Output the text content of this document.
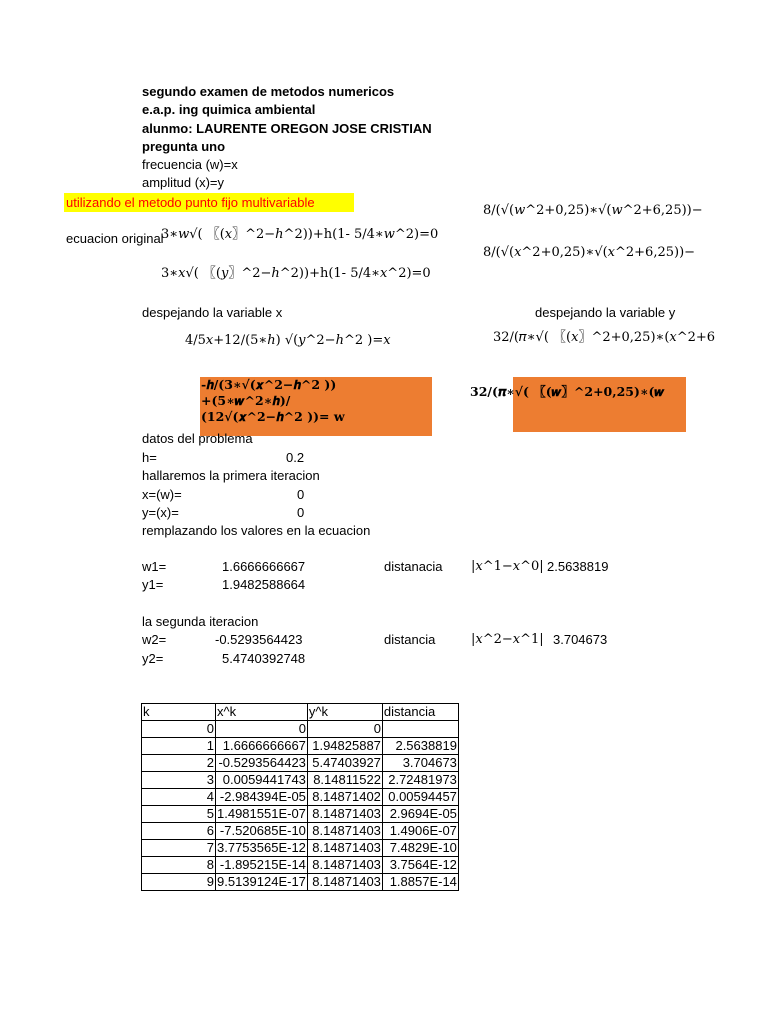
segundo examen de metodos numericos
e.a.p. ing quimica ambiental
alunmo: LAURENTE OREGON JOSE CRISTIAN
pregunta uno
frecuencia (w)=x
amplitud (x)=y
utilizando el metodo punto fijo multivariable
ecuacion original
3∗𝑤√( 〖(𝑥〗^2−ℎ^2))+h(1- 5/4∗𝑤^2)=0
3∗𝑥√( 〖(𝑦〗^2−ℎ^2))+h(1- 5/4∗𝑥^2)=0
8/(√(𝑤^2+0,25)∗√(𝑤^2+6,25))−
8/(√(𝑥^2+0,25)∗√(𝑥^2+6,25))−
despejando la variable x	despejando la variable y
4/5𝑥+12/(5∗ℎ) √(𝑦^2−ℎ^2 )=𝑥	32/(𝜋∗√( 〖(𝑥〗^2+0,25)∗(𝑥^2+6
-𝒉/(𝟑∗√(𝒙^𝟐−𝒉^𝟐 ))
+(𝟓∗𝒘^𝟐∗𝒉)/
(𝟏𝟐√(𝒙^𝟐−𝒉^𝟐 ))= 𝐰
32/(𝝅∗√( 〖(𝒘〗^𝟐+0,25)∗(𝒘
datos del problema
h=	0.2
hallaremos la primera iteracion
x=(w)=	0
y=(x)=	0
remplazando los valores en la ecuacion
w1=	1.6666666667
y1=	1.9482588664
distanacia |𝑥^1−𝑥^0| 2.5638819
la segunda iteracion
w2=	-0.5293564423
y2=	5.4740392748
distancia	|𝑥^2−𝑥^1| 3.704673
k	x^k	y^k	distancia
0	0	0	
1	1.6666666667	1.94825887	2.5638819
2	-0.5293564423	5.47403927	3.704673
3	0.0059441743	8.14811522	2.72481973
4	-2.984394E-05	8.14871402	0.00594457
5	1.4981551E-07	8.14871403	2.9694E-05
6	-7.520685E-10	8.14871403	1.4906E-07
7	3.7753565E-12	8.14871403	7.4829E-10
8	-1.895215E-14	8.14871403	3.7564E-12
9	9.5139124E-17	8.14871403	1.8857E-14
